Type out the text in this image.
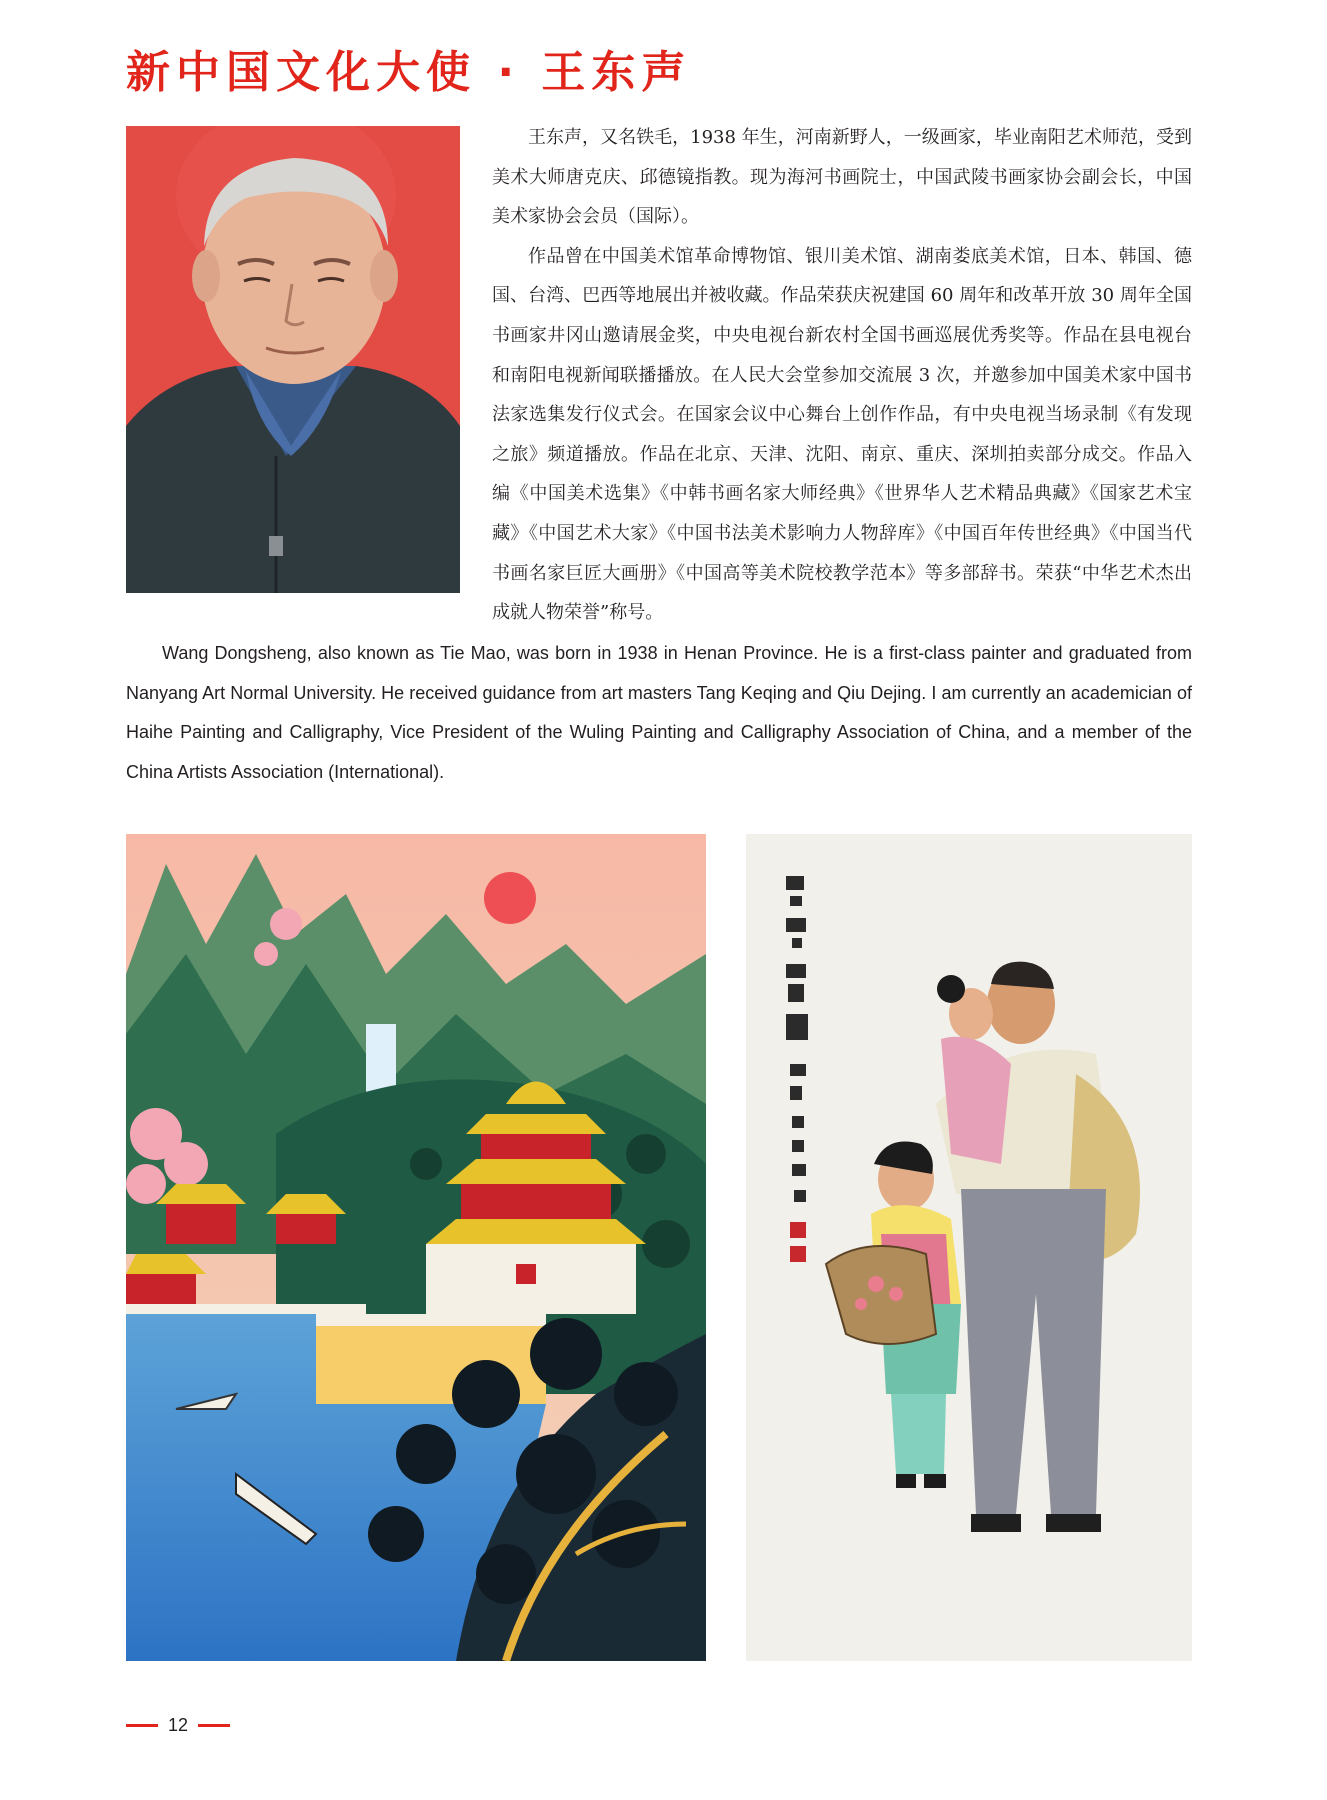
新中国文化大使 · 王东声

王东声，又名铁毛，1938 年生，河南新野人，一级画家，毕业南阳艺术师范，受到美术大师唐克庆、邱德镜指教。现为海河书画院士，中国武陵书画家协会副会长，中国美术家协会会员（国际）。

作品曾在中国美术馆革命博物馆、银川美术馆、湖南娄底美术馆，日本、韩国、德国、台湾、巴西等地展出并被收藏。作品荣获庆祝建国 60 周年和改革开放 30 周年全国书画家井冈山邀请展金奖，中央电视台新农村全国书画巡展优秀奖等。作品在县电视台和南阳电视新闻联播播放。在人民大会堂参加交流展 3 次，并邀参加中国美术家中国书法家选集发行仪式会。在国家会议中心舞台上创作作品，有中央电视当场录制《有发现之旅》频道播放。作品在北京、天津、沈阳、南京、重庆、深圳拍卖部分成交。作品入编《中国美术选集》《中韩书画名家大师经典》《世界华人艺术精品典藏》《国家艺术宝藏》《中国艺术大家》《中国书法美术影响力人物辞库》《中国百年传世经典》《中国当代书画名家巨匠大画册》《中国高等美术院校教学范本》等多部辞书。荣获“中华艺术杰出成就人物荣誉”称号。

Wang Dongsheng, also known as Tie Mao, was born in 1938 in Henan Province. He is a first-class painter and graduated from Nanyang Art Normal University. He received guidance from art masters Tang Keqing and Qiu Dejing. I am currently an academician of Haihe Painting and Calligraphy, Vice President of the Wuling Painting and Calligraphy Association of China, and a member of the China Artists Association (International).

12
